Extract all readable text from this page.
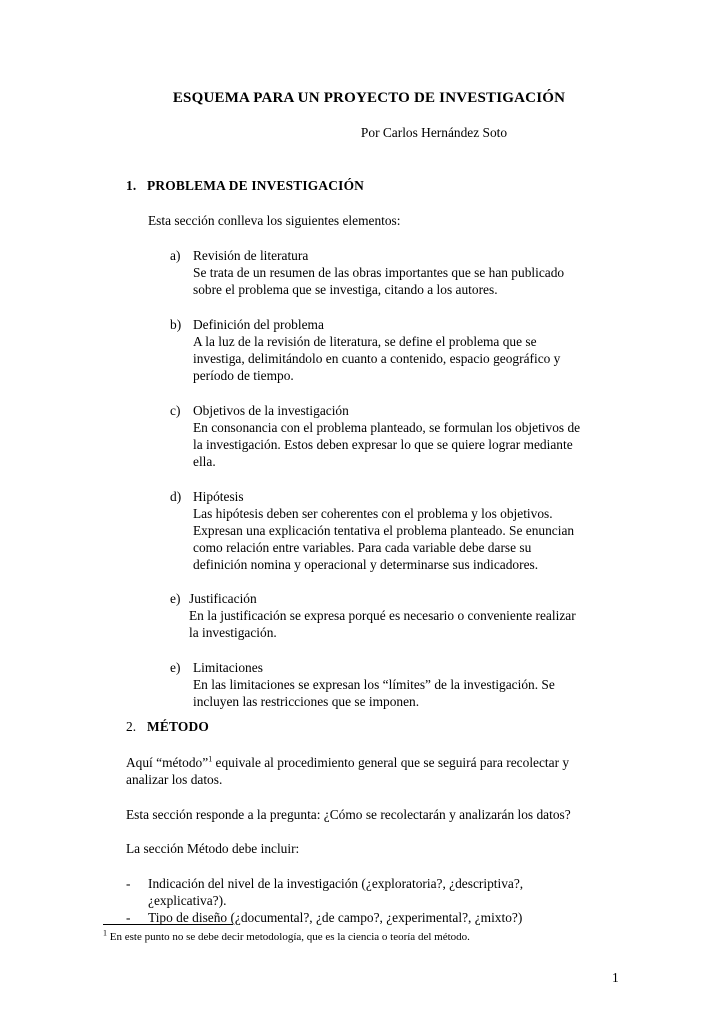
ESQUEMA PARA UN PROYECTO DE INVESTIGACIÓN
Por Carlos Hernández Soto
1. PROBLEMA DE INVESTIGACIÓN
Esta sección conlleva los siguientes elementos:
a) Revisión de literatura
Se trata de un resumen de las obras importantes que se han publicado
sobre el problema que se investiga, citando a los autores.
b) Definición del problema
A la luz de la revisión de literatura, se define el problema que se
investiga, delimitándolo en cuanto a contenido, espacio geográfico y
período de tiempo.
c) Objetivos de la investigación
En consonancia con el problema planteado, se formulan los objetivos de
la investigación. Estos deben expresar lo que se quiere lograr mediante
ella.
d) Hipótesis
Las hipótesis deben ser coherentes con el problema y los objetivos.
Expresan una explicación tentativa el problema planteado. Se enuncian
como relación entre variables. Para cada variable debe darse su
definición nomina y operacional y determinarse sus indicadores.
e) Justificación
En la justificación se expresa porqué es necesario o conveniente realizar
la investigación.
e) Limitaciones
En las limitaciones se expresan los “límites” de la investigación. Se
incluyen las restricciones que se imponen.
2. MÉTODO
Aquí “método”$^1$ equivale al procedimiento general que se seguirá para recolectar y
analizar los datos.
Esta sección responde a la pregunta: ¿Cómo se recolectarán y analizarán los datos?
La sección Método debe incluir:
- Indicación del nivel de la investigación (¿exploratoria?, ¿descriptiva?,
¿explicativa?).
- Tipo de diseño (¿documental?, ¿de campo?, ¿experimental?, ¿mixto?)
$^1$ En este punto no se debe decir metodología, que es la ciencia o teoría del método.
1
